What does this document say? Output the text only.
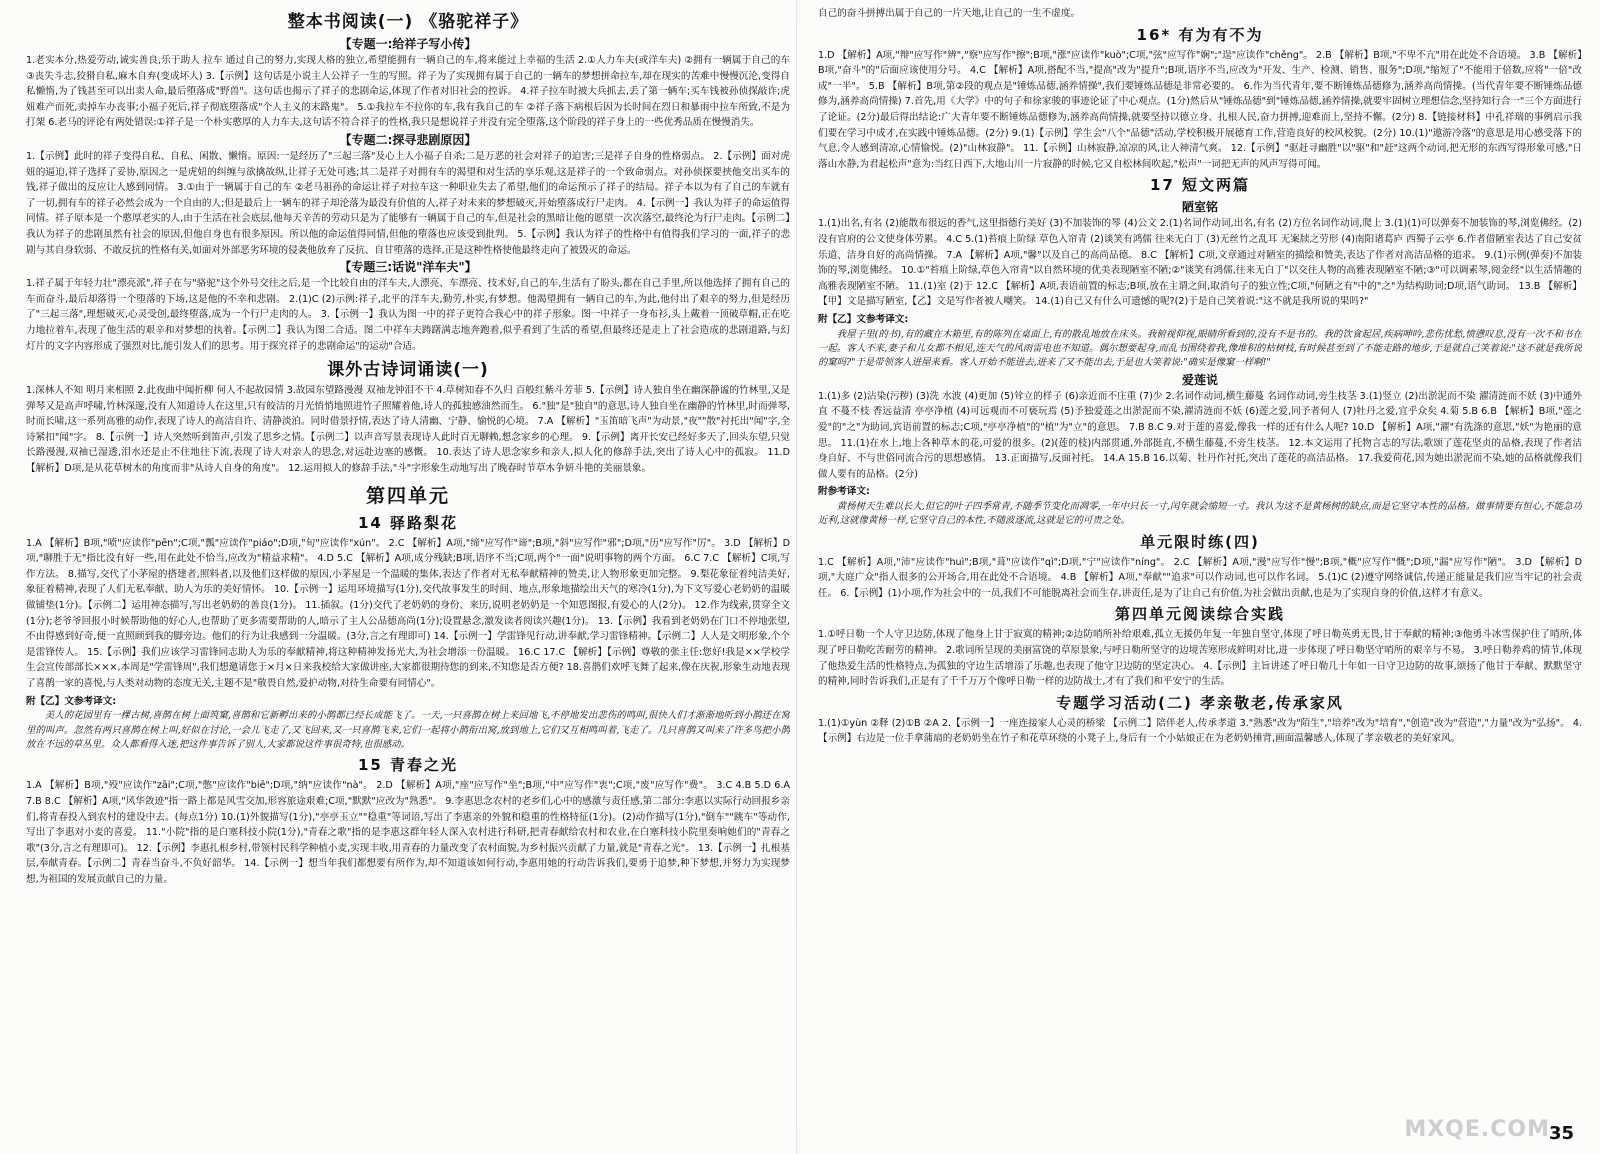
整本书阅读(一) 《骆驼祥子》
【专题一:给祥子写小传】

1.老实本分,热爱劳动,诚实善良,乐于助人 拉车 通过自己的努力,实现人格的独立,希望能拥有一辆自己的车,将来能过上幸福的生活 2.①人力车夫(或洋车夫) ②拥有一辆属于自己的车 ③丧失斗志,狡猾自私,麻木自弃(变成坏人) 3.【示例】这句话是小说主人公祥子一生的写照。祥子为了实现拥有属于自己的一辆车的梦想拼命拉车,却在现实的苦难中慢慢沉沦,变得自私懒惰,为了钱甚至可以出卖人命,最后堕落成"野兽"。这句话也揭示了祥子的悲剧命运,体现了作者对旧社会的控诉。 4.祥子拉车时被大兵抓去,丢了第一辆车;买车钱被孙侦探敲诈;虎妞难产而死,卖掉车办丧事;小福子死后,祥子彻底堕落成"个人主义的末路鬼"。 5.①我拉车不拉你的车,我有我自己的车 ②祥子落下病根后因为长时间在烈日和暴雨中拉车所致,不是为打架 6.老马的评论有两处错误:①祥子是一个朴实憨厚的人力车夫,这句话不符合祥子的性格,我只是想说祥子并没有完全堕落,这个阶段的祥子身上的一些优秀品质在慢慢消失。

【专题二:探寻悲剧原因】

1.【示例】此时的祥子变得自私、自私、闲散、懒惰。原因:一是经历了"三起三落"及心上人小福子自杀;二是万恶的社会对祥子的迫害;三是祥子自身的性格弱点。 2.【示例】面对虎妞的逼迫,祥子选择了妥协,原因之一是虎妞的纠缠与欲擒故纵,让祥子无处可逃;其二是祥子对拥有车的渴望和对生活的享乐观,这是祥子的一个致命弱点。对孙侦探要挟他交出买车的钱,祥子做出的反应让人感到同情。 3.①由于一辆属于自己的车 ②老马祖孙的命运让祥子对拉车这一种职业失去了希望,他们的命运预示了祥子的结局。祥子本以为有了自己的车就有了一切,拥有车的祥子必然会成为一个自由的人;但是最后上一辆车的祥子却沦落为最没有价值的人,祥子对未来的梦想破灭,开始堕落成行尸走肉。 4.【示例一】我认为祥子的命运值得同情。祥子原本是一个憨厚老实的人,由于生活在社会底层,他每天辛苦的劳动只是为了能够有一辆属于自己的车,但是社会的黑暗让他的愿望一次次落空,最终沦为行尸走肉。【示例二】我认为祥子的悲剧虽然有社会的原因,但他自身也有很多原因。所以他的命运值得同情,但他的堕落也应该受到批判。 5.【示例】我认为祥子的性格中有值得我们学习的一面,祥子的悲剧与其自身软弱、不敢反抗的性格有关,如面对外部恶劣环境的侵袭他放弃了反抗、自甘堕落的选择,正是这种性格使他最终走向了被毁灭的命运。

【专题三:话说"洋车夫"】

1.祥子属于年轻力壮"漂亮派",祥子在与"骆驼"这个外号交往之后,是一个比较自由的洋车夫,人漂亮、车漂亮、技术好,自己的车,生活有了盼头,都在自己手里,所以他选择了拥有自己的车而奋斗,最后却落得一个堕落的下场,这是他的不幸和悲剧。 2.(1)C (2)示例:祥子,北平的洋车夫,勤劳,朴实,有梦想。他渴望拥有一辆自己的车,为此,他付出了艰辛的努力,但是经历了"三起三落",理想破灭,心灵受创,最终堕落,成为一个行尸走肉的人。 3.【示例一】我认为图一中的祥子更符合我心中的祥子形象。图一中祥子一身布衫,头上戴着一顶破草帽,正在吃力地拉着车,表现了他生活的艰辛和对梦想的执着。【示例二】我认为图二合适。图二中祥车夫踌躇满志地奔跑着,似乎看到了生活的希望,但最终还是走上了社会造成的悲剧道路,与幻灯片的文字内容形成了强烈对比,能引发人们的思考。用于探究祥子的悲剧命运"的运动"合适。

课外古诗词诵读(一)

1.深林人不知 明月来相照 2.此夜曲中闻折柳 何人不起故园情 3.故园东望路漫漫 双袖龙钟泪不干 4.草树知春不久归 百般红紫斗芳菲 5.【示例】诗人独自坐在幽深静谧的竹林里,又是弹琴又是高声呼啸,竹林深邃,没有人知道诗人在这里,只有皎洁的月光悄悄地照进竹子照耀着他,诗人的孤独感油然而生。 6."独"是"独自"的意思,诗人独自坐在幽静的竹林里,时而弹琴,时而长啸,这一系列高雅的动作,表现了诗人的高洁自许、清静淡泊。同时借景抒情,表达了诗人清幽、宁静、愉悦的心境。 7.A 【解析】"玉笛暗飞声"为动景,"夜""散"衬托出"闻"字,全诗紧扣"闻"字。 8.【示例一】诗人突然听到笛声,引发了思乡之情。【示例二】以声音写景表现诗人此时百无聊赖,想念家乡的心理。 9.【示例】离开长安已经好多天了,回头东望,只觉长路漫漫,双袖已湿透,泪水还是止不住地往下流,表现了诗人对亲人的思念,对远赴边塞的感慨。 10.表达了诗人思念家乡和亲人,拟人化的修辞手法,突出了诗人心中的孤寂。 11.D 【解析】D项,是从花草树木的角度而非"从诗人自身的角度"。 12.运用拟人的修辞手法,"斗"字形象生动地写出了晚春时节草木争妍斗艳的美丽景象。

第四单元
14 驿路梨花

1.A 【解析】B项,"喷"应读作"pēn";C项,"瓢"应读作"piáo";D项,"旬"应读作"xún"。 2.C 【解析】A项,"缔"应写作"谛";B项,"斜"应写作"邪";D项,"历"应写作"厉"。 3.D 【解析】D项,"聊胜于无"指比没有好一些,用在此处不恰当,应改为"精益求精"。 4.D 5.C 【解析】A项,成分残缺;B项,语序不当;C项,两个"一面"说明事物的两个方面。 6.C 7.C 【解析】C项,写作方法。 8.描写,交代了小茅屋的搭建者,照料者,以及他们这样做的原因,小茅屋是一个温暖的集体,表达了作者对无私奉献精神的赞美,让人物形象更加完整。 9.梨花象征着纯洁美好,象征着精神,表现了人们无私奉献、助人为乐的美好情怀。 10.【示例一】运用环境描写(1分),交代故事发生的时间、地点,形象地描绘出天气的寒冷(1分),为下文写爱心老奶奶的温暖做铺垫(1分)。【示例二】运用神态描写,写出老奶奶的善良(1分)。 11.插叙。(1分)交代了老奶奶的身份、来历,说明老奶奶是一个知恩图报,有爱心的人(2分)。 12.作为线索,贯穿全文(1分);老爷爷回报小时候帮助他的好心人,也帮助了更多需要帮助的人,暗示了主人公品德高尚(1分);设置悬念,激发读者阅读兴趣(1分)。 13.【示例】我看到老奶奶在门口不停地张望,不由得感到好奇,便一直照顾到我的脚旁边。他们的行为让我感到一分温暖。(3分,言之有理即可) 14.【示例一】学雷锋见行动,讲奉献,学习雷锋精神。【示例二】人人是文明形象,个个是雷锋传人。 15.【示例】我们应该学习雷锋同志助人为乐的奉献精神,将这种精神发扬光大,为社会增添一份温暖。 16.C 17.C 【解析】【示例】尊敬的张主任:您好!我是××学校学生会宣传部部长×××,本周是"学雷锋周",我们想邀请您于×月×日来我校给大家做讲座,大家都很期待您的到来,不知您是否方便? 18.喜鹊们欢呼飞舞了起来,像在庆祝,形象生动地表现了喜鹊一家的喜悦,与人类对动物的态度无关,主题不是"敬畏自然,爱护动物,对待生命要有同情心"。

附【乙】文参考译文:

美人的花园里有一棵古树,喜鹊在树上面筑窠,喜鹊和它新孵出来的小鹊都已经长成能飞了。一天,一只喜鹊在树上来回地飞,不停地发出悲伤的鸣叫,很快人们才渐渐地听到小鹊还在窝里的叫声。忽然有两只喜鹊在树上叫,好似在讨论,一会儿飞走了,又飞回来,又一只喜鹊飞来,它们一起将小鹊衔出窝,放到地上,它们又互相鸣叫着,飞走了。几只喜鹊又叫来了许多鸟把小鹊放在不远的草丛里。众人都看得入迷,把这件事告诉了别人,大家都说这件事很奇特,也很感动。

15 青春之光

1.A 【解析】B项,"殁"应读作"zāi";C项,"憋"应读作"biē";D项,"纳"应读作"nà"。 2.D 【解析】A项,"座"应写作"坐";B项,"中"应写作"衷";C项,"废"应写作"费"。 3.C 4.B 5.D 6.A 7.B 8.C 【解析】A项,"风华敛迹"指一路上都是风雪交加,形容旅途艰难;C项,"默默"应改为"熟悉"。 9.李惠思念农村的老乡们,心中的感激与责任感,第二部分:李惠以实际行动回报乡亲们,将青春投入到农村的建设中去。(每点1分) 10.(1)外貌描写(1分),"亭亭玉立""稳重"等词语,写出了李惠亲的外貌和稳重的性格特征(1分)。(2)动作描写(1分),"倒车""跳车"等动作,写出了李惠对小麦的喜爱。 11."小院"指的是白塞科技小院(1分),"青春之歌"指的是李惠这群年轻人深入农村进行科研,把青春献给农村和农业,在白塞科技小院里奏响她们的"青春之歌"(3分,言之有理即可)。 12.【示例】李惠扎根乡村,带领村民科学种植小麦,实现丰收,用青春的力量改变了农村面貌,为乡村振兴贡献了力量,就是"青春之光"。 13.【示例一】扎根基层,奉献青春。【示例二】青春当奋斗,不负好韶华。 14.【示例一】想当年我们都想要有所作为,却不知道该如何行动,李惠用她的行动告诉我们,要勇于追梦,种下梦想,并努力为实现梦想,为祖国的发展贡献自己的力量。

自己的奋斗拼搏出属于自己的一片天地,让自己的一生不虚度。

16* 有为有不为

1.D 【解析】A项,"辩"应写作"辨","察"应写作"擦";B项,"涨"应读作"kuò";C项,"弦"应写作"娴";"逞"应读作"chěng"。 2.B 【解析】B项,"不卑不亢"用在此处不合语境。 3.B 【解析】B项,"奋斗"的"后面应该使用分号。 4.C 【解析】A项,搭配不当,"提高"改为"提升";B项,语序不当,应改为"开发、生产、检测、销售、服务";D项,"缩短了"不能用于倍数,应将"一倍"改成"一半"。 5.B 【解析】B项,第②段的观点是"锤炼品德,涵养情操",我们要锤炼品德是非常必要的。 6.作为当代青年,要不断锤炼品德修为,涵养高尚情操。(当代青年要不断锤炼品德修为,涵养高尚情操) 7.首先,用《大学》中的句子和徐家骏的事迹论证了中心观点。(1分)然后从"锤炼品德"到"锤炼品德,涵养情操,就要牢固树立理想信念,坚持知行合一"三个方面进行了论证。(2分)最后得出结论:广大青年要不断锤炼品德修为,涵养高尚情操,就要坚持以德立身、扎根人民,奋力拼搏,迎难而上,坚持不懈。(2分) 8.【链接材料】中孔祥瑞的事例启示我们要在学习中成才,在实践中锤炼品德。(2分) 9.(1)【示例】学生会"八个"品德"活动,学校积极开展德育工作,营造良好的校风校貌。(2分) 10.(1)"遨游冷落"的意思是用心感受落下的气息,令人感到清凉,心情愉悦。(2)"山林寂静"。 11.【示例】山林寂静,凉凉的风,让人神清气爽。 12.【示例】"驱赶寻幽胜"以"驱"和"赶"这两个动词,把无形的东西写得形象可感,"日落山水静,为君起松声"意为:当红日西下,大地山川一片寂静的时候,它又自松林间吹起,"松声"一词把无声的风声写得可闻。

17 短文两篇
陋室铭

1.(1)出名,有名 (2)能散布很远的香气,这里指德行美好 (3)不加装饰的琴 (4)公文 2.(1)名词作动词,出名,有名 (2)方位名词作动词,爬上 3.(1)(1)可以弹奏不加装饰的琴,浏览佛经。(2)没有官府的公文使身体劳累。 4.C 5.(1)苔痕上阶绿 草色入帘青 (2)谈笑有鸿儒 往来无白丁 (3)无丝竹之乱耳 无案牍之劳形 (4)南阳诸葛庐 西蜀子云亭 6.作者借陋室表达了自己安贫乐道、洁身自好的高尚情操。 7.A 【解析】A项,"馨"以及自己的高尚品德。 8.C 【解析】C项,文章通过对陋室的描绘和赞美,表达了作者对高洁品格的追求。 9.(1)示例(弹奏)不加装饰的琴,浏览佛经。 10.①"苔痕上阶绿,草色入帘青"以自然环境的优美表现陋室不陋;②"谈笑有鸿儒,往来无白丁"以交往人物的高雅表现陋室不陋;③"可以调素琴,阅金经"以生活情趣的高雅表现陋室不陋。 11.(1)室 (2)于 12.C 【解析】A项,表语前置的标志;B项,放在主谓之间,取消句子的独立性;C项,"何陋之有"中的"之"为结构助词;D项,语气助词。 13.B 【解析】【甲】文是描写陋室,【乙】文是写作者被人嘲笑。 14.(1)自己又有什么可遗憾的呢?(2)于是自己笑着说:"这不就是我所说的果吗?"

附【乙】文参考译文:

我屋子里(的书),有的藏在木箱里,有的陈列在桌面上,有的散乱地放在床头。我俯视仰视,眼睛所看到的,没有不是书的。我的饮食起居,疾病呻吟,悲伤忧愁,愤懑叹息,没有一次不和书在一起。客人不来,妻子和儿女都不相见,连天气的风雨雷电也不知道。偶尔想要起身,而乱书围绕着我,像堆积的枯树枝,有时候甚至到了不能走路的地步,于是就自己笑着说:"这不就是我所说的窠吗?"于是带领客人进屋来看。客人开始不能进去,进来了又不能出去,于是也大笑着说:"确实是像窠一样啊!"

爱莲说

1.(1)多 (2)沾染(污秽) (3)洗 水波 (4)更加 (5)耸立的样子 (6)亲近而不庄重 (7)少 2.名词作动词,横生藤蔓 名词作动词,旁生枝茎 3.(1)竖立 (2)出淤泥而不染 濯清涟而不妖 (3)中通外直 不蔓不枝 香远益清 亭亭净植 (4)可远观而不可亵玩焉 (5)予独爱莲之出淤泥而不染,濯清涟而不妖 (6)莲之爱,同予者何人 (7)牡丹之爱,宜乎众矣 4.菊 5.B 6.B 【解析】B项,"莲之爱"的"之"为助词,宾语前置的标志;C项,"亭亭净植"的"植"为"立"的意思。 7.B 8.C 9.对于莲的喜爱,像我一样的还有什么人呢? 10.D 【解析】A项,"濯"有洗涤的意思,"妖"为艳丽的意思。 11.(1)在水上,地上各种草木的花,可爱的很多。(2)(莲的枝)内部贯通,外部挺直,不横生藤蔓,不旁生枝茎。 12.本文运用了托物言志的写法,歌颂了莲花坚贞的品格,表现了作者洁身自好、不与世俗同流合污的思想感情。 13.正面描写,反面衬托。 14.A 15.B 16.以菊、牡丹作衬托,突出了莲花的高洁品格。 17.我爱荷花,因为她出淤泥而不染,她的品格就像我们做人要有的品格。(2分)

附参考译文:

黄杨树天生难以长大,但它的叶子四季常青,不随季节变化而凋零,一年中只长一寸,闰年就会缩短一寸。我认为这不是黄杨树的缺点,而是它坚守本性的品格。做事情要有恒心,不能急功近利,这就像黄杨一样,它坚守自己的本性,不随波逐流,这就是它的可贵之处。

单元限时练(四)

1.C 【解析】A项,"沛"应读作"huì";B项,"葺"应读作"qì";D项,"宁"应读作"níng"。 2.C 【解析】A项,"漫"应写作"慢";B项,"概"应写作"慨";D项,"漏"应写作"陋"。 3.D 【解析】D项,"大庭广众"指人很多的公开场合,用在此处不合语境。 4.B 【解析】A项,"奉献""追求"可以作动词,也可以作名词。 5.(1)C (2)遵守网络诚信,传递正能量是我们应当牢记的社会责任。 6.【示例】(1)小项,作为社会中的一员,我们不可能脱离社会而生存,讲责任,是为了让自己有价值,为社会做出贡献,也是为了实现自身的价值,这样才有意义。

第四单元阅读综合实践

1.①呼日勒一个人守卫边防,体现了他身上甘于寂寞的精神;②边防哨所补给艰难,孤立无援仍年复一年独自坚守,体现了呼日勒英勇无畏,甘于奉献的精神;③他勇斗冰雪保护住了哨所,体现了呼日勒吃苦耐劳的精神。 2.歌词所呈现的美丽富饶的草原景象,与呼日勒所坚守的边境苦寒形成鲜明对比,进一步体现了呼日勒坚守哨所的艰辛与不易。 3.呼日勒养鸡的情节,体现了他热爱生活的性格特点,为孤独的守边生活增添了乐趣,也表现了他守卫边防的坚定决心。 4.【示例】主旨讲述了呼日勒几十年如一日守卫边防的故事,颂扬了他甘于奉献、默默坚守的精神,同时告诉我们,正是有了千千万万个像呼日勒一样的边防战士,才有了我们和平安宁的生活。

专题学习活动(二) 孝亲敬老,传承家风

1.(1)①yùn ②释 (2)①B ②A 2.【示例一】一座连接家人心灵的桥梁 【示例二】陪伴老人,传承孝道 3."熟悉"改为"陌生","培养"改为"培育","创造"改为"营造","力量"改为"弘扬"。 4.【示例】右边是一位手拿蒲扇的老奶奶坐在竹子和花草环绕的小凳子上,身后有一个小姑娘正在为老奶奶捶背,画面温馨感人,体现了孝亲敬老的美好家风。

MXQE.COM
35
